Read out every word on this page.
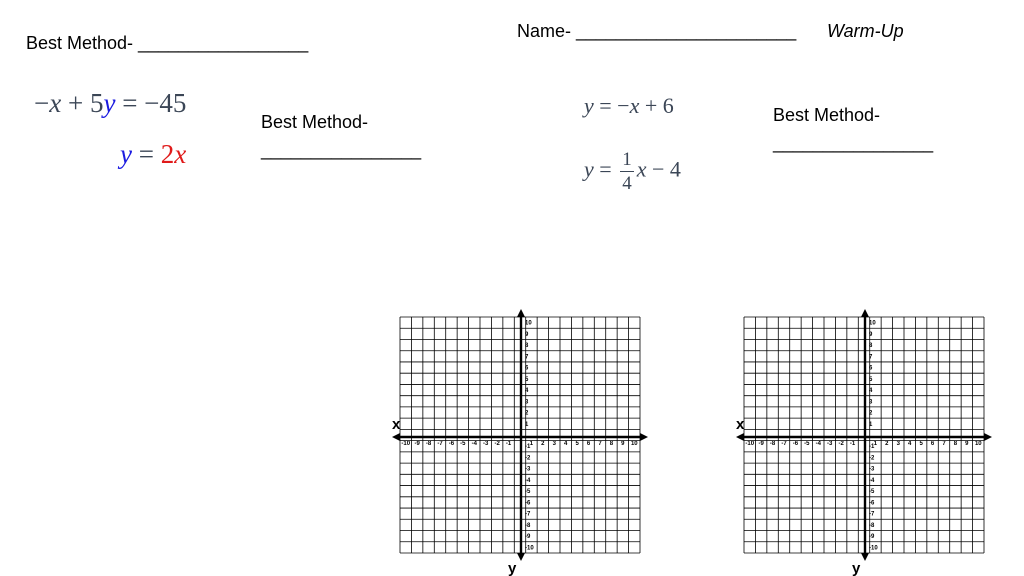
Name- ______________________ Warm-Up
Best Method- _________________
−x + 5y = −45
y = 2x
Best Method-
________________
y = −x + 6
$y = \frac{1}{4}$ x − 4
Best Method-
________________
-10 -9 -8 -7 -6 -5 -4 -3 -2 -1	1 2 3 4 5 6 7 8 9 10
10
9
8
7
6
5
4
3
2
1
-1
-2
-3
-4
-5
-6
-7
-8
-9
-10
x
y
-10 -9 -8 -7 -6 -5 -4 -3 -2 -1	1 2 3 4 5 6 7 8 9 10
10
9
8
7
6
5
4
3
2
1
-1
-2
-3
-4
-5
-6
-7
-8
-9
-10
x
y
